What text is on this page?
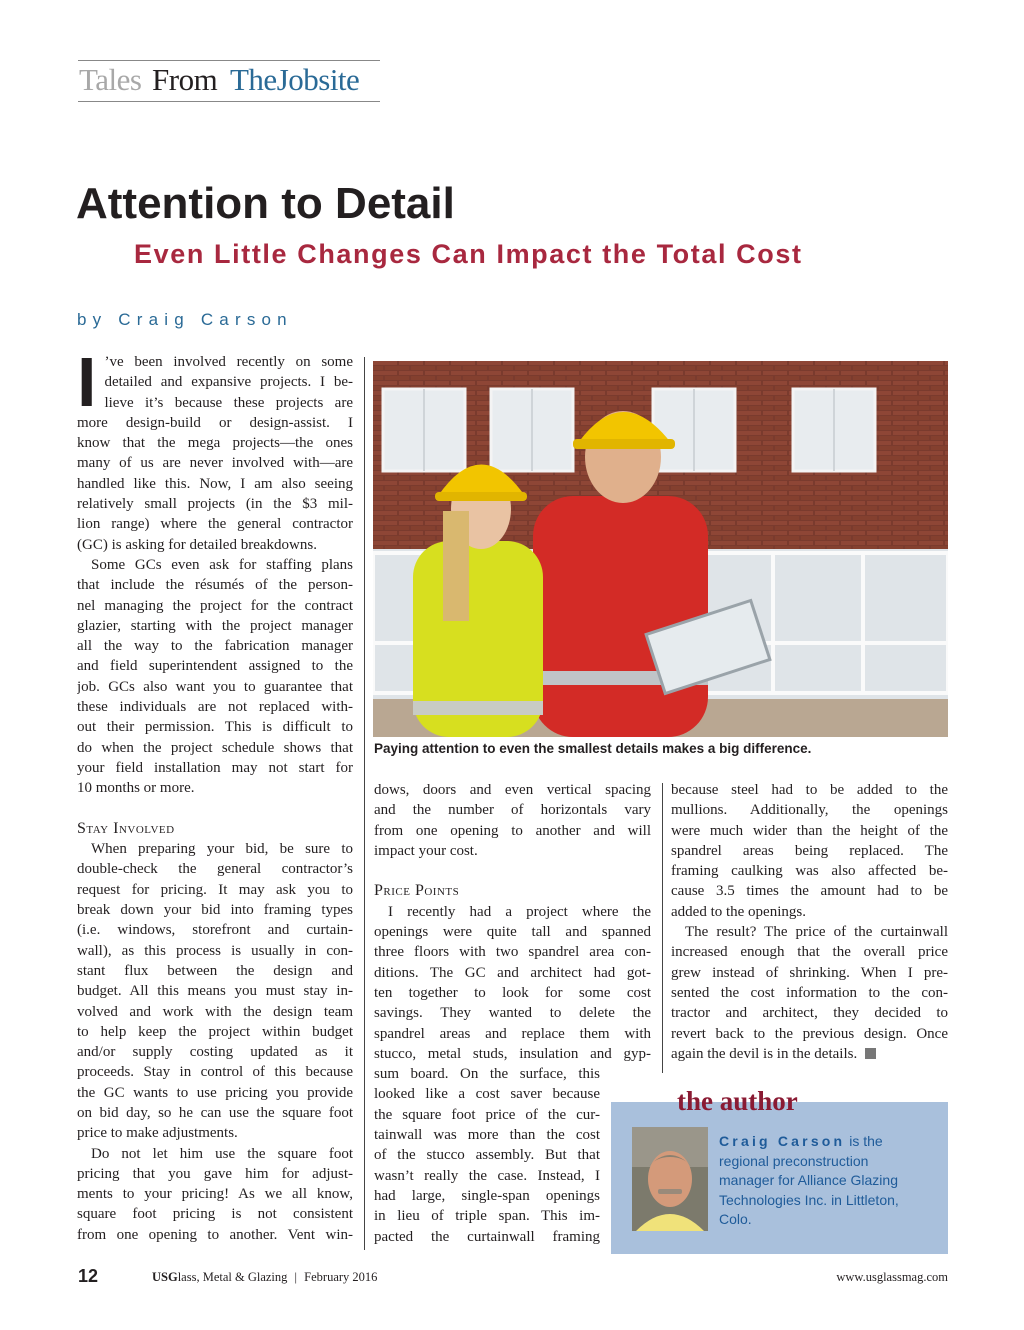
Tales From TheJobsite
Attention to Detail
Even Little Changes Can Impact the Total Cost
by Craig Carson
I ’ve been involved recently on some
detailed and expansive projects. I be-
lieve it’s because these projects are
more design-build or design-assist. I
know that the mega projects—the ones
many of us are never involved with—are
handled like this. Now, I am also seeing
relatively small projects (in the $3 mil-
lion range) where the general contractor
(GC) is asking for detailed breakdowns.
Some GCs even ask for staffing plans
that include the résumés of the person-
nel managing the project for the contract
glazier, starting with the project manager
all the way to the fabrication manager
and field superintendent assigned to the
job. GCs also want you to guarantee that
these individuals are not replaced with-
out their permission. This is difficult to
do when the project schedule shows that
your field installation may not start for
10 months or more.
Stay Involved
When preparing your bid, be sure to
double-check the general contractor’s
request for pricing. It may ask you to
break down your bid into framing types
(i.e. windows, storefront and curtain-
wall), as this process is usually in con-
stant flux between the design and
budget. All this means you must stay in-
volved and work with the design team
to help keep the project within budget
and/or supply costing updated as it
proceeds. Stay in control of this because
the GC wants to use pricing you provide
on bid day, so he can use the square foot
price to make adjustments.
Do not let him use the square foot
pricing that you gave him for adjust-
ments to your pricing! As we all know,
square foot pricing is not consistent
from one opening to another. Vent win-
Paying attention to even the smallest details makes a big difference.
dows, doors and even vertical spacing
and the number of horizontals vary
from one opening to another and will
impact your cost.
Price Points
I recently had a project where the
openings were quite tall and spanned
three floors with two spandrel area con-
ditions. The GC and architect had got-
ten together to look for some cost
savings. They wanted to delete the
spandrel areas and replace them with
stucco, metal studs, insulation and gyp-
sum board. On the surface, this
looked like a cost saver because
the square foot price of the cur-
tainwall was more than the cost
of the stucco assembly. But that
wasn’t really the case. Instead, I
had large, single-span openings
in lieu of triple span. This im-
pacted the curtainwall framing
because steel had to be added to the
mullions. Additionally, the openings
were much wider than the height of the
spandrel areas being replaced. The
framing caulking was also affected be-
cause 3.5 times the amount had to be
added to the openings.
The result? The price of the curtainwall
increased enough that the overall price
grew instead of shrinking. When I pre-
sented the cost information to the con-
tractor and architect, they decided to
revert back to the previous design. Once
again the devil is in the details.
the author
Craig Carson is the
regional preconstruction
manager for Alliance Glazing
Technologies Inc. in Littleton,
Colo.
12	USGlass, Metal & Glazing | February 2016	www.usglassmag.com
